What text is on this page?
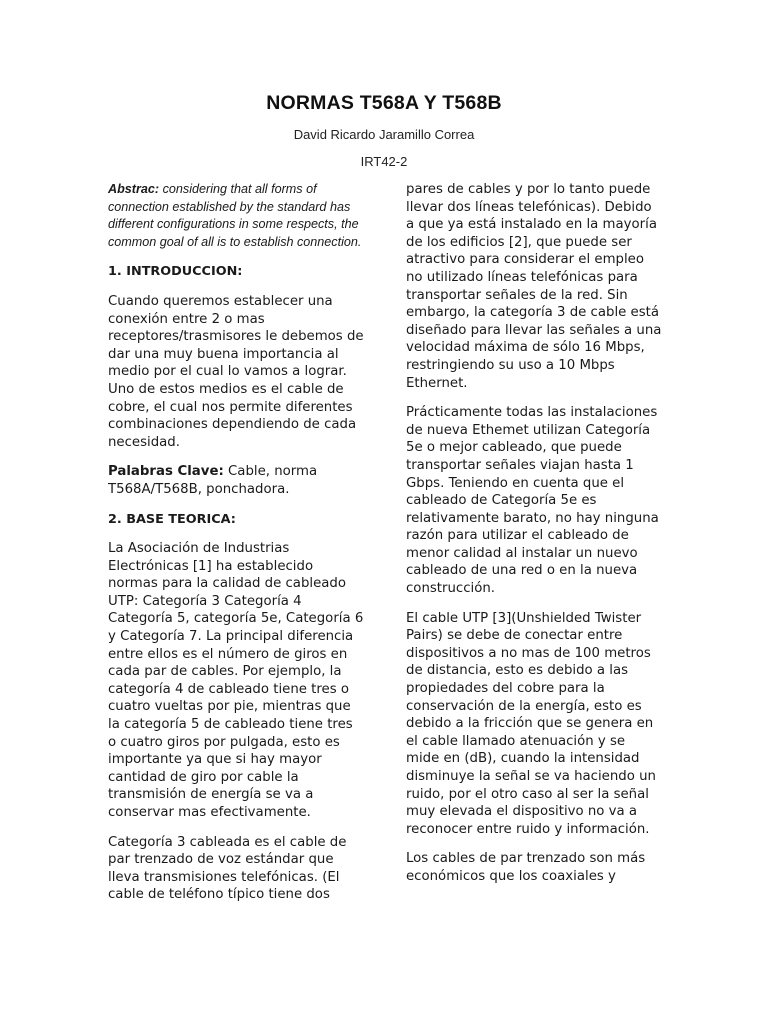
NORMAS T568A Y T568B
David Ricardo Jaramillo Correa
IRT42-2

Abstrac: considering that all forms of connection established by the standard has different configurations in some respects, the common goal of all is to establish connection.

1. INTRODUCCION:

Cuando queremos establecer una conexión entre 2 o mas receptores/trasmisores le debemos de dar una muy buena importancia al medio por el cual lo vamos a lograr. Uno de estos medios es el cable de cobre, el cual nos permite diferentes combinaciones dependiendo de cada necesidad.

Palabras Clave: Cable, norma T568A/T568B, ponchadora.

2. BASE TEORICA:

La Asociación de Industrias Electrónicas [1] ha establecido normas para la calidad de cableado UTP: Categoría 3 Categoría 4 Categoría 5, categoría 5e, Categoría 6 y Categoría 7. La principal diferencia entre ellos es el número de giros en cada par de cables. Por ejemplo, la categoría 4 de cableado tiene tres o cuatro vueltas por pie, mientras que la categoría 5 de cableado tiene tres o cuatro giros por pulgada, esto es importante ya que si hay mayor cantidad de giro por cable la transmisión de energía se va a conservar mas efectivamente.

Categoría 3 cableada es el cable de par trenzado de voz estándar que lleva transmisiones telefónicas. (El cable de teléfono típico tiene dos

pares de cables y por lo tanto puede llevar dos líneas telefónicas). Debido a que ya está instalado en la mayoría de los edificios [2], que puede ser atractivo para considerar el empleo no utilizado líneas telefónicas para transportar señales de la red. Sin embargo, la categoría 3 de cable está diseñado para llevar las señales a una velocidad máxima de sólo 16 Mbps, restringiendo su uso a 10 Mbps Ethernet.

Prácticamente todas las instalaciones de nueva Ethemet utilizan Categoría 5e o mejor cableado, que puede transportar señales viajan hasta 1 Gbps. Teniendo en cuenta que el cableado de Categoría 5e es relativamente barato, no hay ninguna razón para utilizar el cableado de menor calidad al instalar un nuevo cableado de una red o en la nueva construcción.

El cable UTP [3](Unshielded Twister Pairs) se debe de conectar entre dispositivos a no mas de 100 metros de distancia, esto es debido a las propiedades del cobre para la conservación de la energía, esto es debido a la fricción que se genera en el cable llamado atenuación y se mide en (dB), cuando la intensidad disminuye la señal se va haciendo un ruido, por el otro caso al ser la señal muy elevada el dispositivo no va a reconocer entre ruido y información.

Los cables de par trenzado son más económicos que los coaxiales y
